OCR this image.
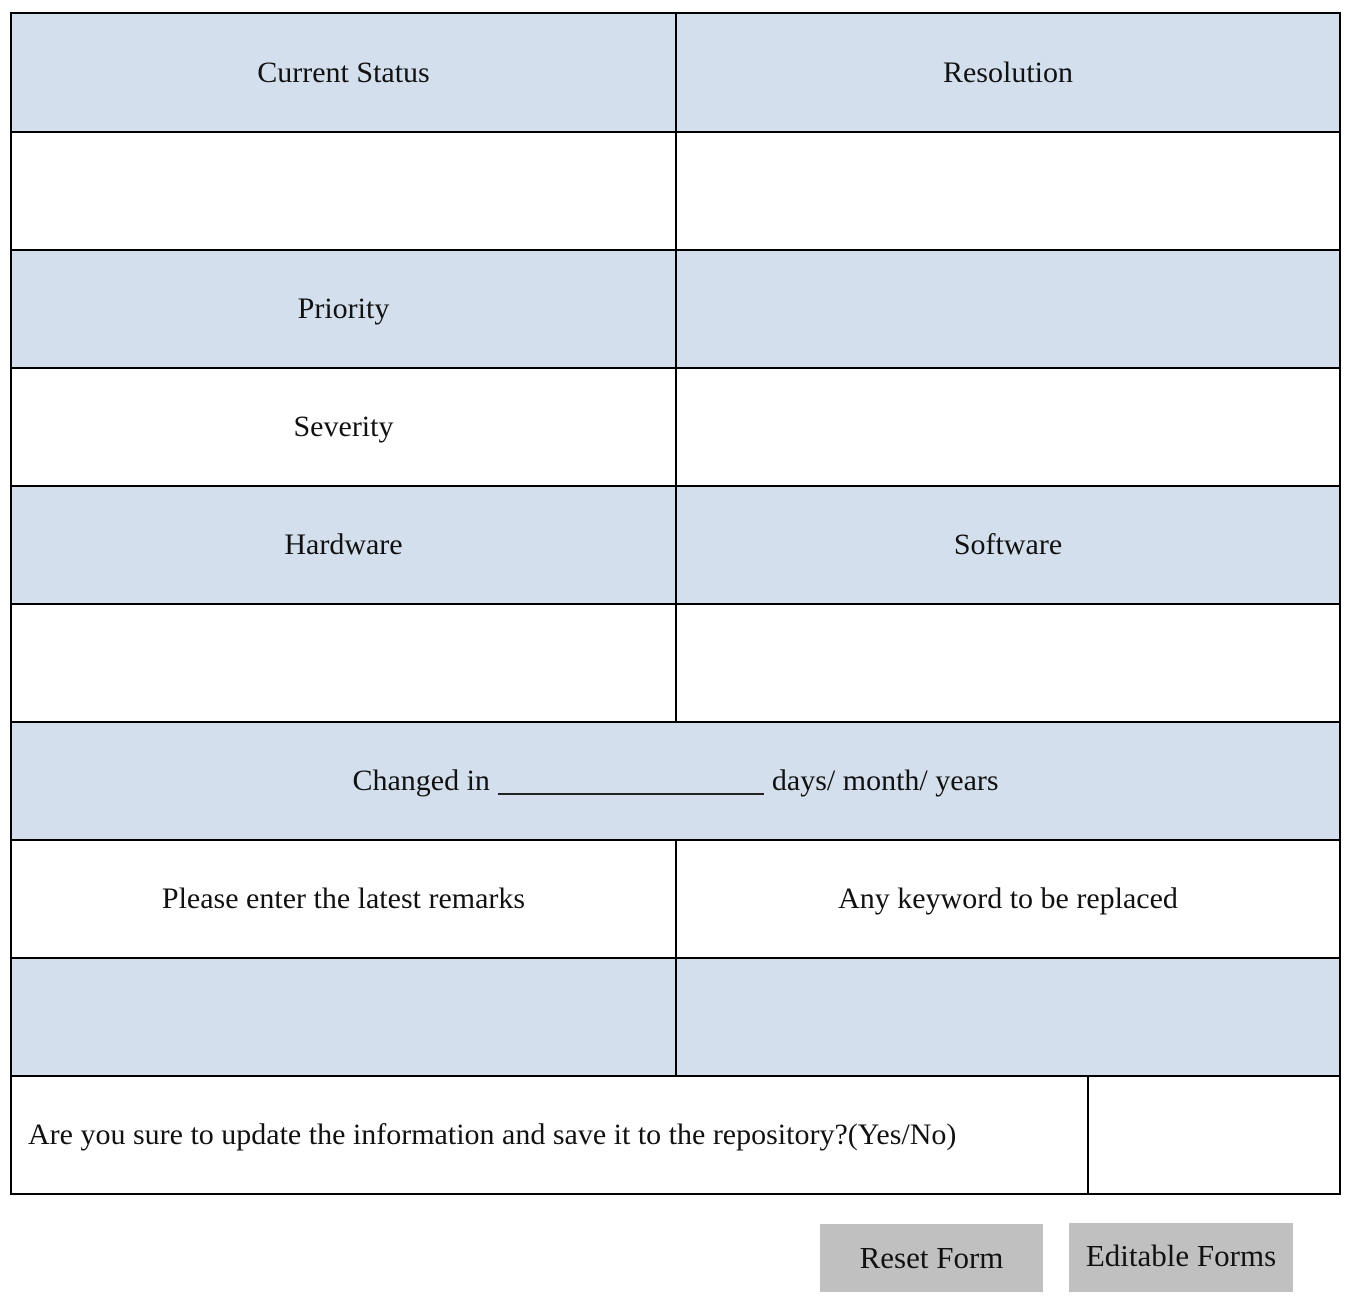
Current Status	Resolution
Priority
Severity
Hardware	Software
Changed in	days/ month/ years
Please enter the latest remarks	Any keyword to be replaced
Are you sure to update the information and save it to the repository?(Yes/No)
Reset Form	Editable Forms
